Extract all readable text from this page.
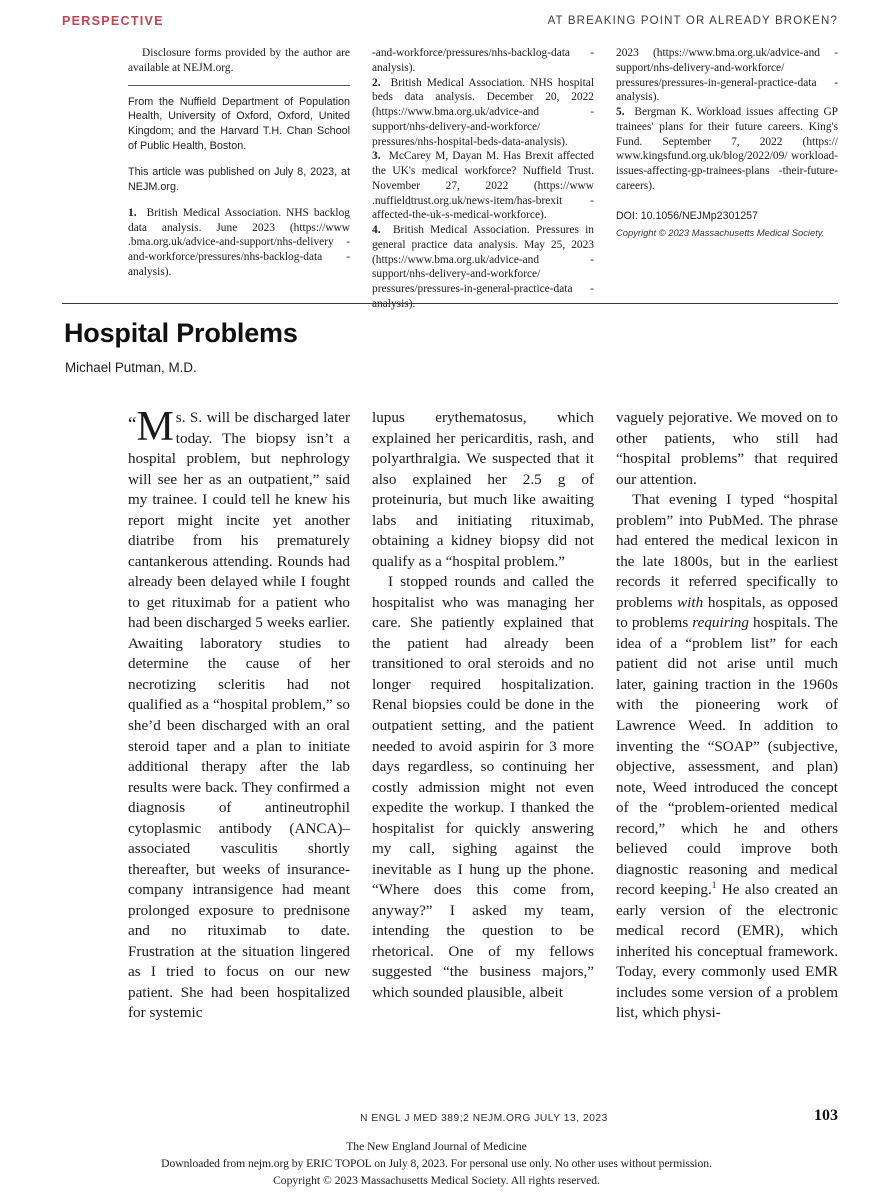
PERSPECTIVE	AT BREAKING POINT OR ALREADY BROKEN?

Disclosure forms provided by the author are available at NEJM.org.

From the Nuffield Department of Population Health, University of Oxford, Oxford, United Kingdom; and the Harvard T.H. Chan School of Public Health, Boston.

This article was published on July 8, 2023, at NEJM.org.

1. British Medical Association. NHS backlog data analysis. June 2023 (https://www .bma.org.uk/advice-and-support/nhs-delivery -and-workforce/pressures/nhs-backlog-data -analysis).

-and-workforce/pressures/nhs-backlog-data -analysis).

2. British Medical Association. NHS hospital beds data analysis. December 20, 2022 (https://www.bma.org.uk/advice-and -support/nhs-delivery-and-workforce/ pressures/nhs-hospital-beds-data-analysis).

3. McCarey M, Dayan M. Has Brexit affected the UK's medical workforce? Nuffield Trust. November 27, 2022 (https://www .nuffieldtrust.org.uk/news-item/has-brexit -affected-the-uk-s-medical-workforce).

4. British Medical Association. Pressures in general practice data analysis. May 25, 2023 (https://www.bma.org.uk/advice-and -support/nhs-delivery-and-workforce/ pressures/pressures-in-general-practice-data -analysis).

2023 (https://www.bma.org.uk/advice-and -support/nhs-delivery-and-workforce/ pressures/pressures-in-general-practice-data -analysis).

5. Bergman K. Workload issues affecting GP trainees' plans for their future careers. King's Fund. September 7, 2022 (https:// www.kingsfund.org.uk/blog/2022/09/ workload-issues-affecting-gp-trainees-plans -their-future-careers).

DOI: 10.1056/NEJMp2301257

Copyright © 2023 Massachusetts Medical Society.

Hospital Problems

Michael Putman, M.D.

“M s. S. will be discharged later today. The biopsy isn’t a hospital problem, but nephrology will see her as an outpatient,” said my trainee. I could tell he knew his report might incite yet another diatribe from his prematurely cantankerous attending. Rounds had already been delayed while I fought to get rituximab for a patient who had been discharged 5 weeks earlier. Awaiting laboratory studies to determine the cause of her necrotizing scleritis had not qualified as a “hospital problem,” so she’d been discharged with an oral steroid taper and a plan to initiate additional therapy after the lab results were back. They confirmed a diagnosis of antineutrophil cytoplasmic antibody (ANCA)–associated vasculitis shortly thereafter, but weeks of insurance-company intransigence had meant prolonged exposure to prednisone and no rituximab to date. Frustration at the situation lingered as I tried to focus on our new patient. She had been hospitalized for systemic

lupus erythematosus, which explained her pericarditis, rash, and polyarthralgia. We suspected that it also explained her 2.5 g of proteinuria, but much like awaiting labs and initiating rituximab, obtaining a kidney biopsy did not qualify as a “hospital problem.”

I stopped rounds and called the hospitalist who was managing her care. She patiently explained that the patient had already been transitioned to oral steroids and no longer required hospitalization. Renal biopsies could be done in the outpatient setting, and the patient needed to avoid aspirin for 3 more days regardless, so continuing her costly admission might not even expedite the workup. I thanked the hospitalist for quickly answering my call, sighing against the inevitable as I hung up the phone. “Where does this come from, anyway?” I asked my team, intending the question to be rhetorical. One of my fellows suggested “the business majors,” which sounded plausible, albeit

vaguely pejorative. We moved on to other patients, who still had “hospital problems” that required our attention.

That evening I typed “hospital problem” into PubMed. The phrase had entered the medical lexicon in the late 1800s, but in the earliest records it referred specifically to problems with hospitals, as opposed to problems requiring hospitals. The idea of a “problem list” for each patient did not arise until much later, gaining traction in the 1960s with the pioneering work of Lawrence Weed. In addition to inventing the “SOAP” (subjective, objective, assessment, and plan) note, Weed introduced the concept of the “problem-oriented medical record,” which he and others believed could improve both diagnostic reasoning and medical record keeping.$^1$ He also created an early version of the electronic medical record (EMR), which inherited his conceptual framework. Today, every commonly used EMR includes some version of a problem list, which physi-

N ENGL J MED 389;2 NEJM.ORG JULY 13, 2023	103
The New England Journal of Medicine
Downloaded from nejm.org by ERIC TOPOL on July 8, 2023. For personal use only. No other uses without permission.
Copyright © 2023 Massachusetts Medical Society. All rights reserved.
